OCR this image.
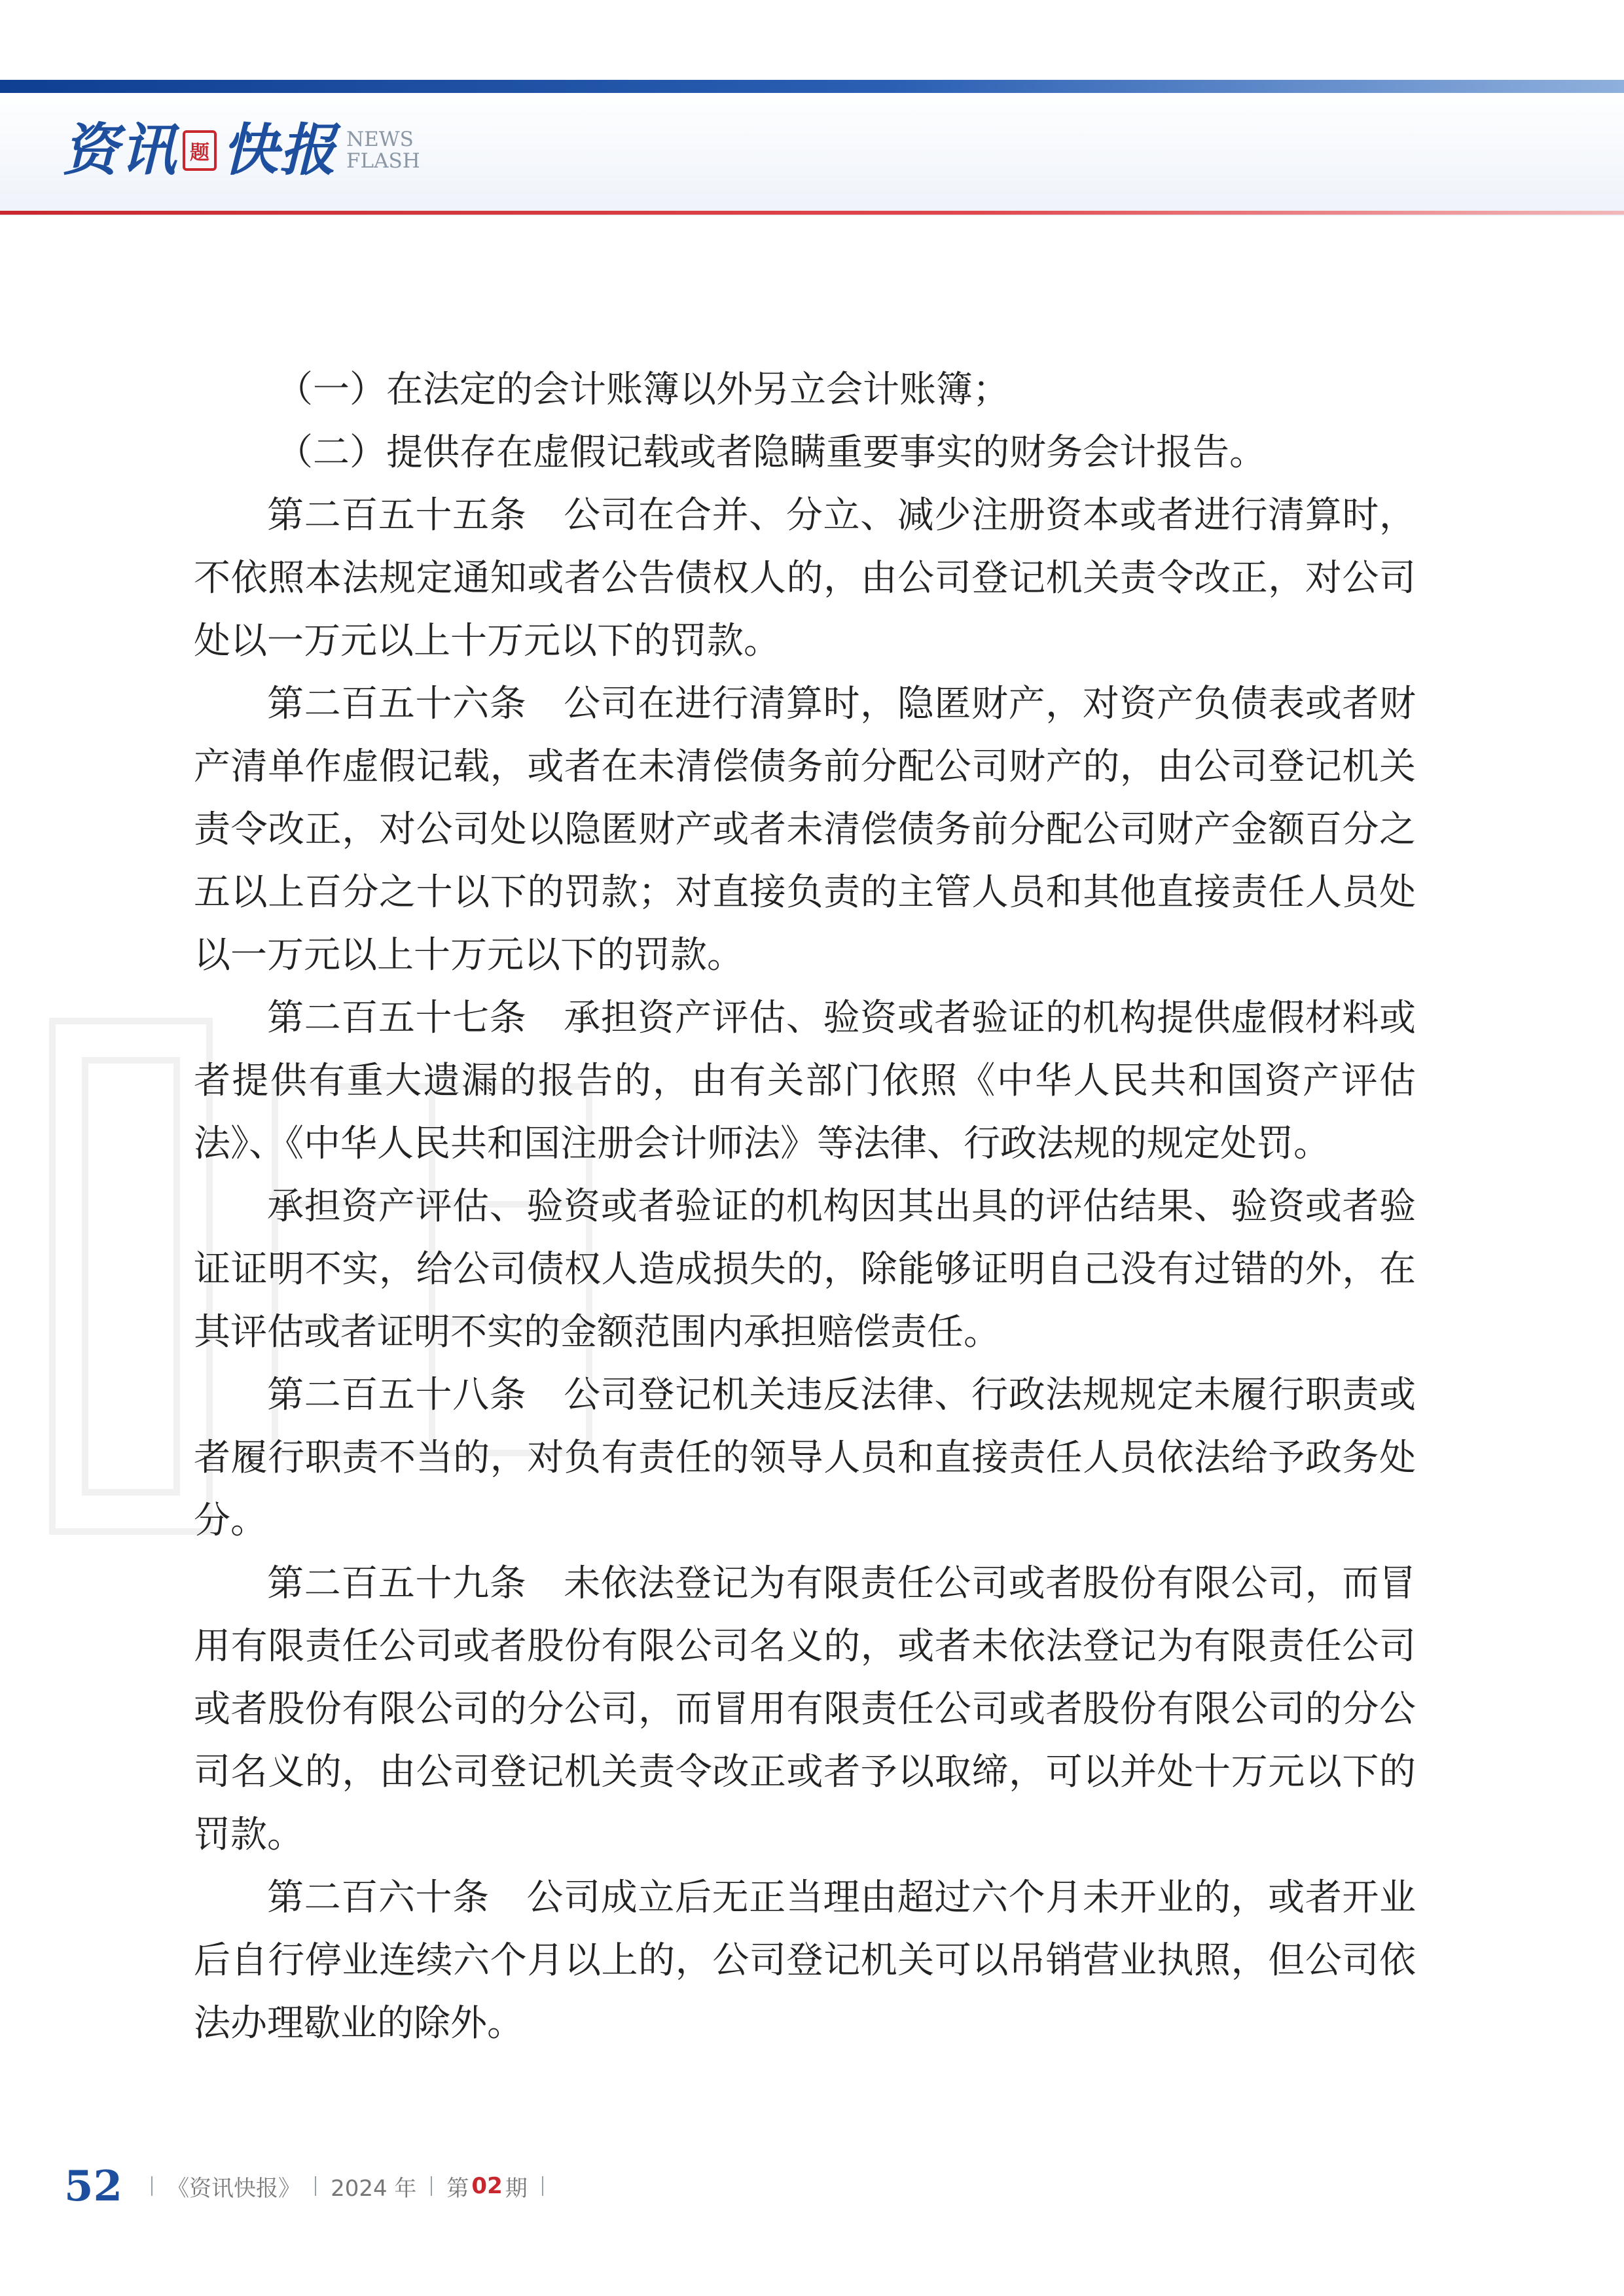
资讯 题 快报 NEWS
FLASH

（一）在法定的会计账簿以外另立会计账簿；

（二）提供存在虚假记载或者隐瞒重要事实的财务会计报告。

第二百五十五条　公司在合并、分立、减少注册资本或者进行清算时，不依照本法规定通知或者公告债权人的，由公司登记机关责令改正，对公司处以一万元以上十万元以下的罚款。

第二百五十六条　公司在进行清算时，隐匿财产，对资产负债表或者财产清单作虚假记载，或者在未清偿债务前分配公司财产的，由公司登记机关责令改正，对公司处以隐匿财产或者未清偿债务前分配公司财产金额百分之五以上百分之十以下的罚款；对直接负责的主管人员和其他直接责任人员处以一万元以上十万元以下的罚款。

第二百五十七条　承担资产评估、验资或者验证的机构提供虚假材料或者提供有重大遗漏的报告的，由有关部门依照《中华人民共和国资产评估法》、《中华人民共和国注册会计师法》等法律、行政法规的规定处罚。

承担资产评估、验资或者验证的机构因其出具的评估结果、验资或者验证证明不实，给公司债权人造成损失的，除能够证明自己没有过错的外，在其评估或者证明不实的金额范围内承担赔偿责任。

第二百五十八条　公司登记机关违反法律、行政法规规定未履行职责或者履行职责不当的，对负有责任的领导人员和直接责任人员依法给予政务处分。

第二百五十九条　未依法登记为有限责任公司或者股份有限公司，而冒用有限责任公司或者股份有限公司名义的，或者未依法登记为有限责任公司或者股份有限公司的分公司，而冒用有限责任公司或者股份有限公司的分公司名义的，由公司登记机关责令改正或者予以取缔，可以并处十万元以下的罚款。

第二百六十条　公司成立后无正当理由超过六个月未开业的，或者开业后自行停业连续六个月以上的，公司登记机关可以吊销营业执照，但公司依法办理歇业的除外。

52 《资讯快报》 2024 年 第 02 期
